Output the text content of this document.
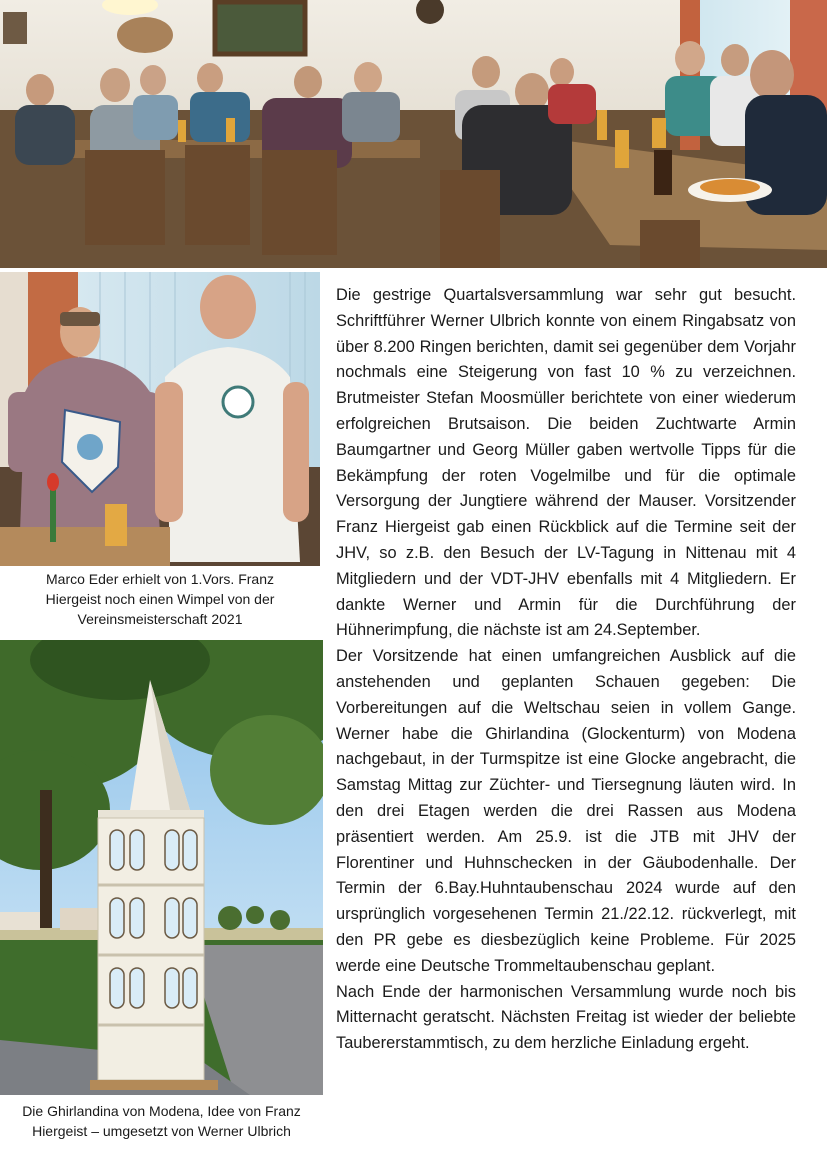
Marco Eder erhielt von 1.Vors. Franz
Hiergeist noch einen Wimpel von der
Vereinsmeisterschaft 2021
Die Ghirlandina von Modena, Idee von Franz
Hiergeist – umgesetzt von Werner Ulbrich

Die gestrige Quartalsversammlung war sehr gut besucht. Schriftführer Werner Ulbrich konnte von einem Ringabsatz von über 8.200 Ringen berichten, damit sei gegenüber dem Vorjahr nochmals eine Steigerung von fast 10 % zu verzeichnen. Brutmeister Stefan Moosmüller berichtete von einer wiederum erfolgreichen Brutsaison. Die beiden Zuchtwarte Armin Baumgartner und Georg Müller gaben wertvolle Tipps für die Bekämpfung der roten Vogelmilbe und für die optimale Versorgung der Jungtiere während der Mauser. Vorsitzender Franz Hiergeist gab einen Rückblick auf die Termine seit der JHV, so z.B. den Besuch der LV-Tagung in Nittenau mit 4 Mitgliedern und der VDT-JHV ebenfalls mit 4 Mitgliedern. Er dankte Werner und Armin für die Durchführung der Hühnerimpfung, die nächste ist am 24.September.

Der Vorsitzende hat einen umfangreichen Ausblick auf die anstehenden und geplanten Schauen gegeben: Die Vorbereitungen auf die Weltschau seien in vollem Gange. Werner habe die Ghirlandina (Glockenturm) von Modena nachgebaut, in der Turmspitze ist eine Glocke angebracht, die Samstag Mittag zur Züchter- und Tiersegnung läuten wird. In den drei Etagen werden die drei Rassen aus Modena präsentiert werden. Am 25.9. ist die JTB mit JHV der Florentiner und Huhnschecken in der Gäubodenhalle. Der Termin der 6.Bay.Huhntaubenschau 2024 wurde auf den ursprünglich vorgesehenen Termin 21./22.12. rückverlegt, mit den PR gebe es diesbezüglich keine Probleme. Für 2025 werde eine Deutsche Trommeltaubenschau geplant.

Nach Ende der harmonischen Versammlung wurde noch bis Mitternacht geratscht. Nächsten Freitag ist wieder der beliebte Taubererstammtisch, zu dem herzliche Einladung ergeht.
